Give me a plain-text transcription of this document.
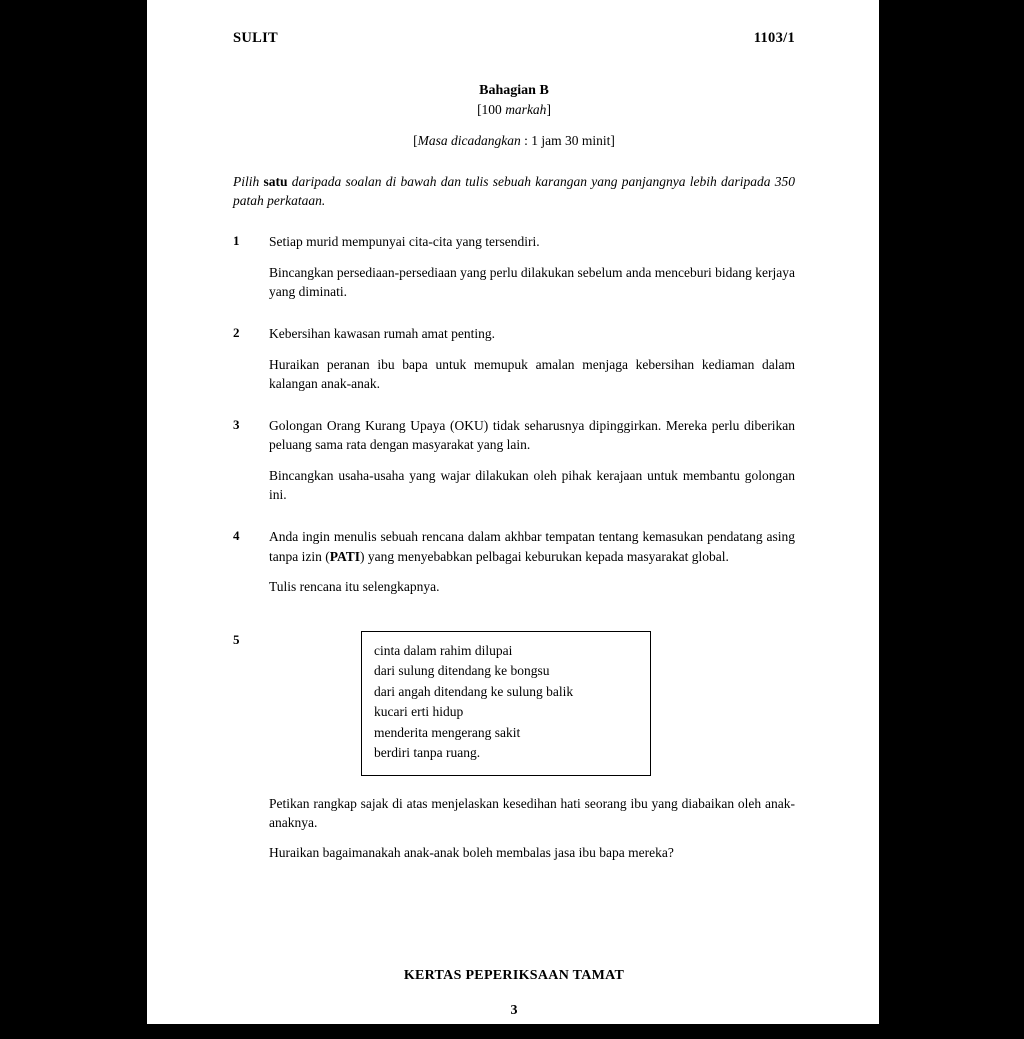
SULIT	1103/1
Bahagian B
[100 markah]
[Masa dicadangkan : 1 jam 30 minit]
Pilih satu daripada soalan di bawah dan tulis sebuah karangan yang panjangnya lebih daripada 350 patah perkataan.
1	Setiap murid mempunyai cita-cita yang tersendiri.

Bincangkan persediaan-persediaan yang perlu dilakukan sebelum anda menceburi bidang kerjaya yang diminati.

2	Kebersihan kawasan rumah amat penting.

Huraikan peranan ibu bapa untuk memupuk amalan menjaga kebersihan kediaman dalam kalangan anak-anak.

3	Golongan Orang Kurang Upaya (OKU) tidak seharusnya dipinggirkan. Mereka perlu diberikan peluang sama rata dengan masyarakat yang lain.

Bincangkan usaha-usaha yang wajar dilakukan oleh pihak kerajaan untuk membantu golongan ini.

4	Anda ingin menulis sebuah rencana dalam akhbar tempatan tentang kemasukan pendatang asing tanpa izin (PATI) yang menyebabkan pelbagai keburukan kepada masyarakat global.

Tulis rencana itu selengkapnya.

5
cinta dalam rahim dilupai
dari sulung ditendang ke bongsu
dari angah ditendang ke sulung balik
kucari erti hidup
menderita mengerang sakit
berdiri tanpa ruang.
Petikan rangkap sajak di atas menjelaskan kesedihan hati seorang ibu yang diabaikan oleh anak-anaknya.
Huraikan bagaimanakah anak-anak boleh membalas jasa ibu bapa mereka?
KERTAS PEPERIKSAAN TAMAT
1103/1	SULIT
3
